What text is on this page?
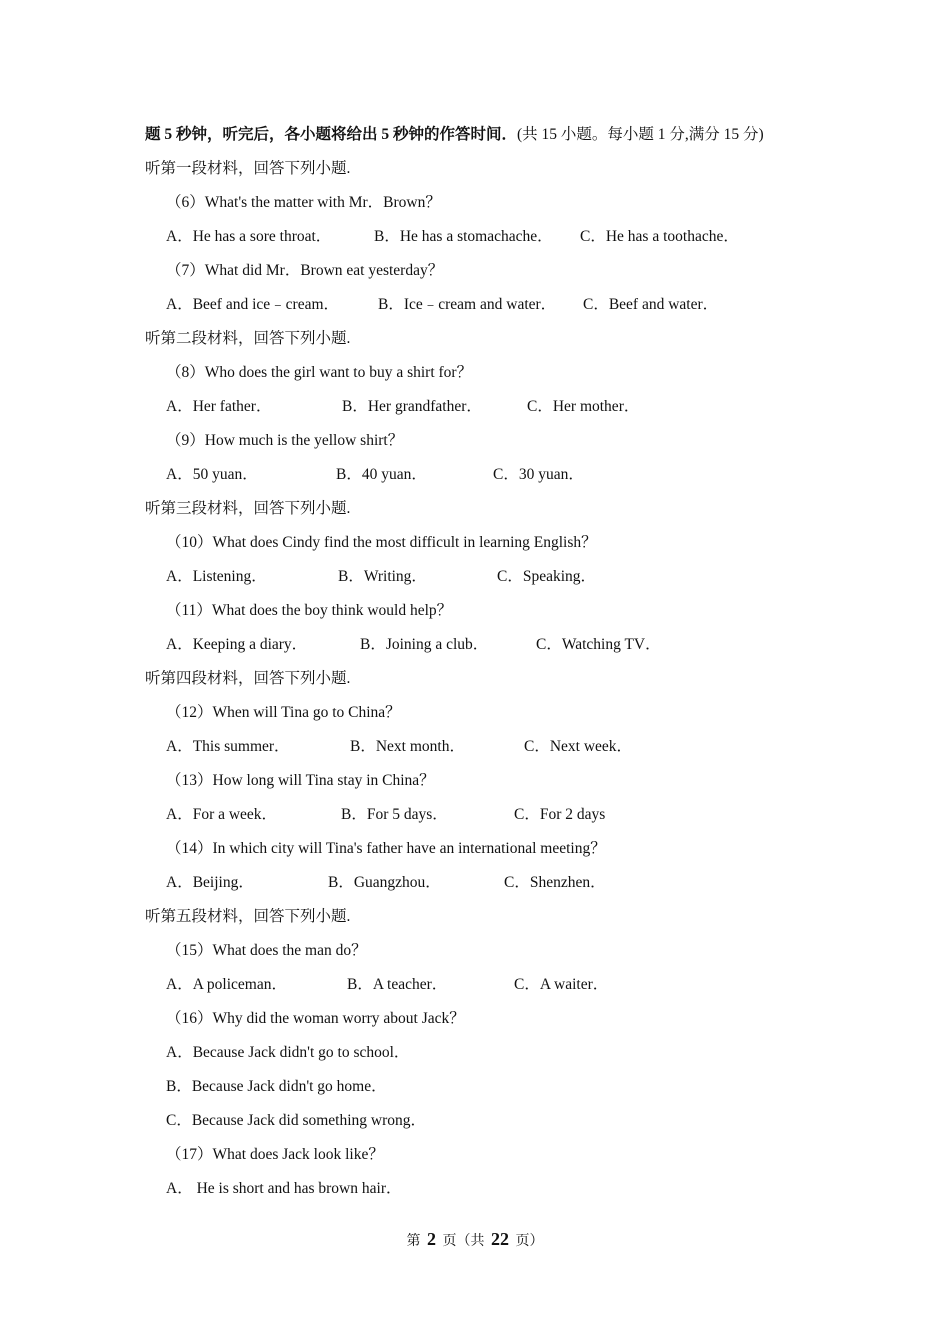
题 5 秒钟，听完后，各小题将给出 5 秒钟的作答时间．(共 15 小题。每小题 1 分,满分 15 分)
听第一段材料，回答下列小题.
（6）What's the matter with Mr．Brown？
A．He has a sore throat．	B．He has a stomachache． C．He has a toothache．
（7）What did Mr．Brown eat yesterday？
A．Beef and ice﹣cream．	B．Ice﹣cream and water． C．Beef and water．
听第二段材料，回答下列小题.
（8）Who does the girl want to buy a shirt for？
A．Her father．	B．Her grandfather．	C．Her mother．
（9）How much is the yellow shirt？
A．50 yuan．	B．40 yuan．	C．30 yuan．
听第三段材料，回答下列小题.
（10）What does Cindy find the most difficult in learning English？
A．Listening．	B．Writing．	C．Speaking．
（11）What does the boy think would help？
A．Keeping a diary．	B．Joining a club．	C．Watching TV．
听第四段材料，回答下列小题.
（12）When will Tina go to China？
A．This summer．	B．Next month．	C．Next week．
（13）How long will Tina stay in China？
A．For a week．	B．For 5 days．	C．For 2 days
（14）In which city will Tina's father have an international meeting？
A．Beijing．	B．Guangzhou．	C．Shenzhen．
听第五段材料，回答下列小题.
（15）What does the man do？
A．A policeman．	B．A teacher．	C．A waiter．
（16）Why did the woman worry about Jack？
A．Because Jack didn't go to school．
B．Because Jack didn't go home．
C．Because Jack did something wrong．
（17）What does Jack look like？
A． He is short and has brown hair．
第 2 页（共 22 页）
